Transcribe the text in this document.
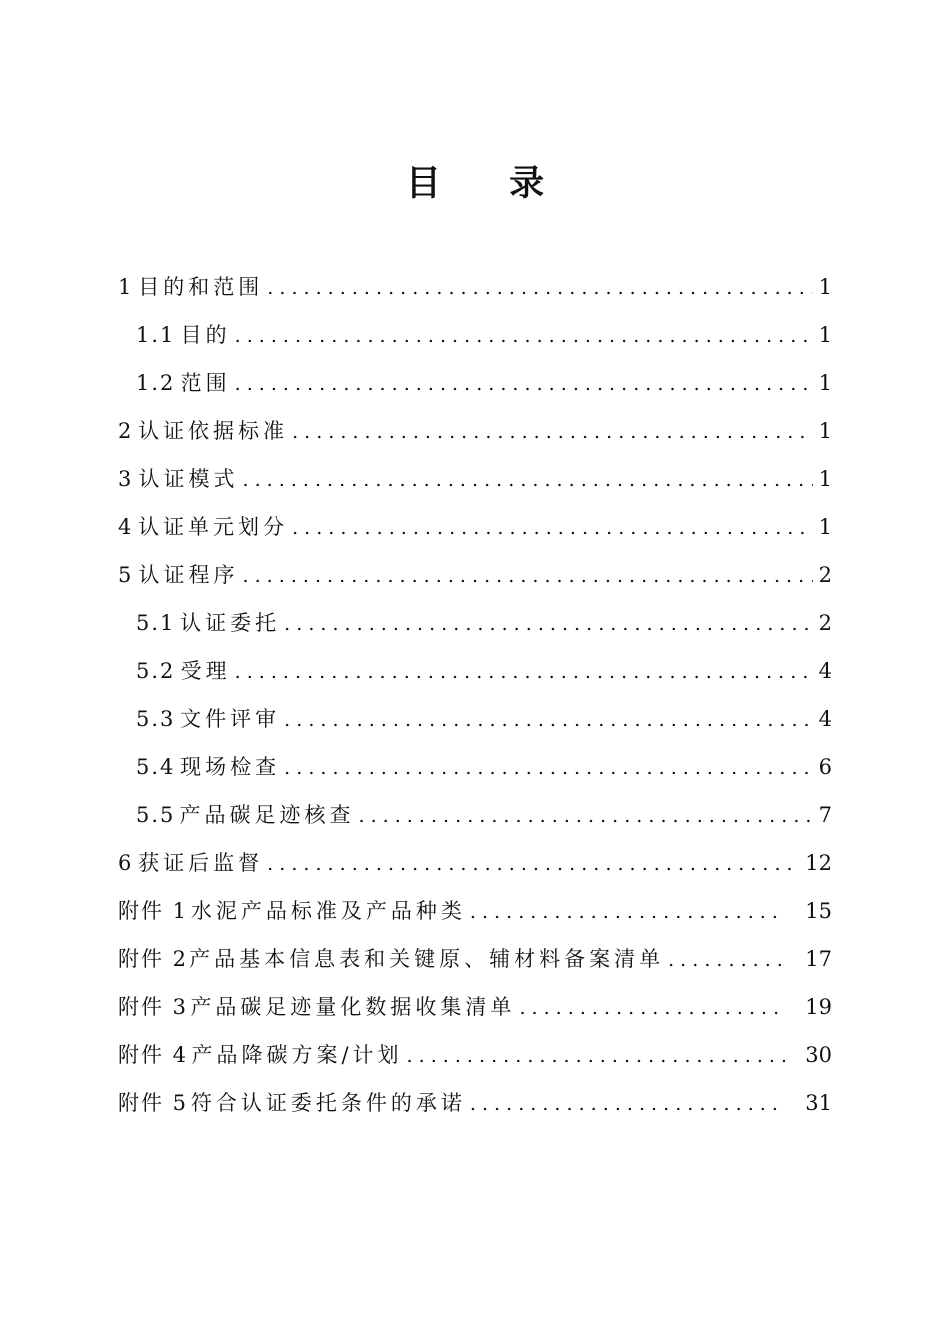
目 录
1 目的和范围 . . .	1
1.1 目的 . . .	1
1.2 范围 . . .	1
2 认证依据标准 . . .	1
3 认证模式 . . .	1
4 认证单元划分 . . .	1
5 认证程序 . . .	2
5.1 认证委托 . . .	2
5.2 受理 . . .	4
5.3 文件评审 . . .	4
5.4 现场检查 . . .	6
5.5 产品碳足迹核查 . . .	7
6 获证后监督 . . .	12
附件 1 水泥产品标准及产品种类 . . .	15
附件 2 产品基本信息表和关键原、辅材料备案清单 . . .	17
附件 3 产品碳足迹量化数据收集清单 . . .	19
附件 4 产品降碳方案/计划 . . .	30
附件 5 符合认证委托条件的承诺 . . .	31
